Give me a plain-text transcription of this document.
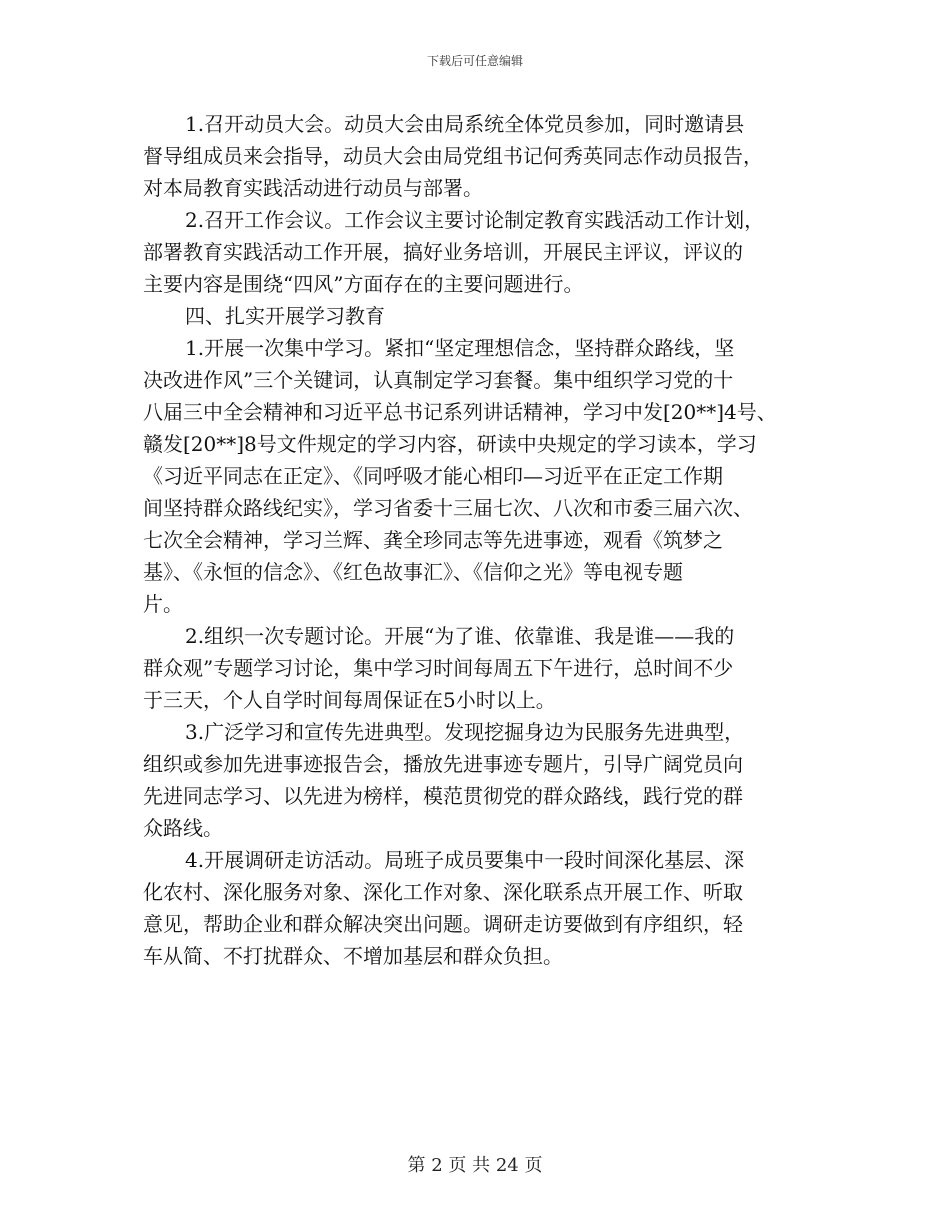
下载后可任意编辑
1.召开动员大会。动员大会由局系统全体党员参加，同时邀请县
督导组成员来会指导，动员大会由局党组书记何秀英同志作动员报告，
对本局教育实践活动进行动员与部署。
2.召开工作会议。工作会议主要讨论制定教育实践活动工作计划，
部署教育实践活动工作开展，搞好业务培训，开展民主评议，评议的
主要内容是围绕“四风”方面存在的主要问题进行。
四、扎实开展学习教育
1.开展一次集中学习。紧扣“坚定理想信念，坚持群众路线，坚
决改进作风”三个关键词，认真制定学习套餐。集中组织学习党的十
八届三中全会精神和习近平总书记系列讲话精神，学习中发[20**]4号、
赣发[20**]8号文件规定的学习内容，研读中央规定的学习读本，学习
《习近平同志在正定》、《同呼吸才能心相印—习近平在正定工作期
间坚持群众路线纪实》，学习省委十三届七次、八次和市委三届六次、
七次全会精神，学习兰辉、龚全珍同志等先进事迹，观看《筑梦之
基》、《永恒的信念》、《红色故事汇》、《信仰之光》等电视专题
片。
2.组织一次专题讨论。开展“为了谁、依靠谁、我是谁——我的
群众观”专题学习讨论，集中学习时间每周五下午进行，总时间不少
于三天，个人自学时间每周保证在5小时以上。
3.广泛学习和宣传先进典型。发现挖掘身边为民服务先进典型，
组织或参加先进事迹报告会，播放先进事迹专题片，引导广阔党员向
先进同志学习、以先进为榜样，模范贯彻党的群众路线，践行党的群
众路线。
4.开展调研走访活动。局班子成员要集中一段时间深化基层、深
化农村、深化服务对象、深化工作对象、深化联系点开展工作、听取
意见，帮助企业和群众解决突出问题。调研走访要做到有序组织，轻
车从简、不打扰群众、不增加基层和群众负担。
第 2 页 共 24 页
